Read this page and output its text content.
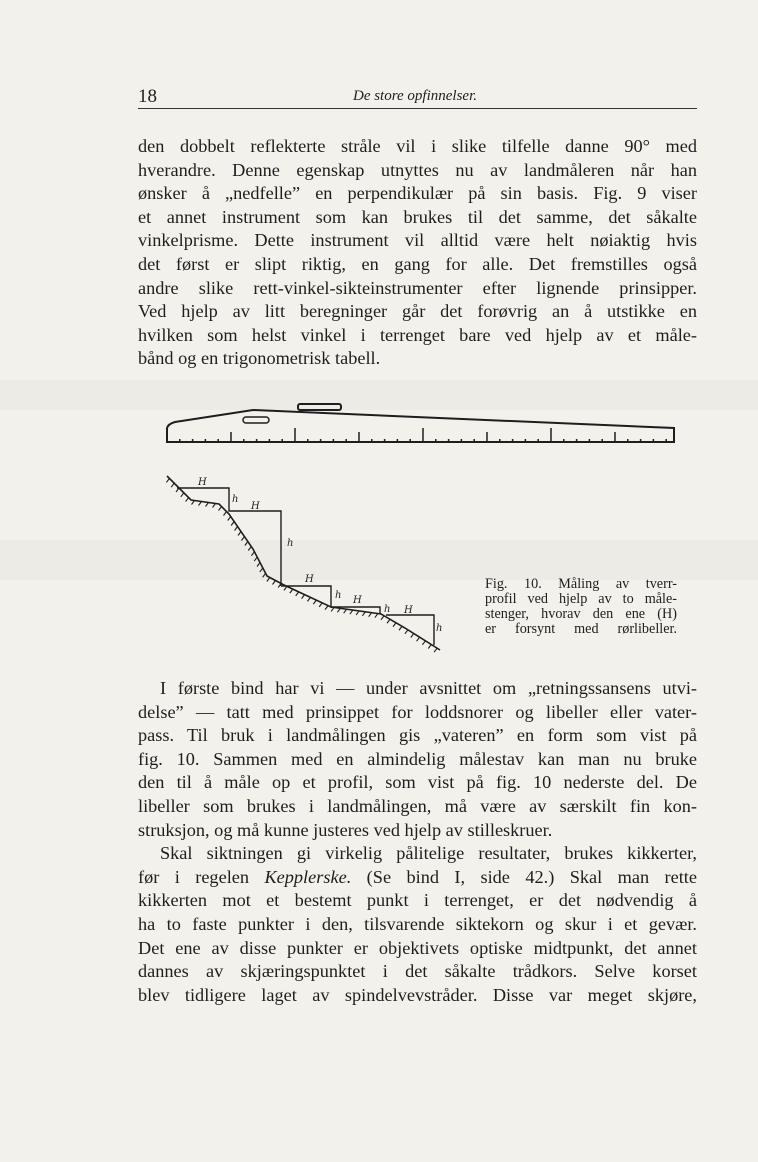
18	De store opfinnelser.
den dobbelt reflekterte stråle vil i slike tilfelle danne 90° med
hverandre. Denne egenskap utnyttes nu av landmåleren når han
ønsker å „nedfelle” en perpendikulær på sin basis. Fig. 9 viser
et annet instrument som kan brukes til det samme, det såkalte
vinkelprisme. Dette instrument vil alltid være helt nøiaktig hvis
det først er slipt riktig, en gang for alle. Det fremstilles også
andre slike rett-vinkel-sikteinstrumenter efter lignende prinsipper.
Ved hjelp av litt beregninger går det forøvrig an å utstikke en
hvilken som helst vinkel i terrenget bare ved hjelp av et måle-
bånd og en trigonometrisk tabell.
H
h
H
h
H
h H
h H
h
Fig. 10. Måling av tverr-
profil ved hjelp av to måle-
stenger, hvorav den ene (H)
er forsynt med rørlibeller.
I første bind har vi — under avsnittet om „retningssansens utvi-
delse” — tatt med prinsippet for loddsnorer og libeller eller vater-
pass. Til bruk i landmålingen gis „vateren” en form som vist på
fig. 10. Sammen med en almindelig målestav kan man nu bruke
den til å måle op et profil, som vist på fig. 10 nederste del. De
libeller som brukes i landmålingen, må være av særskilt fin kon-
struksjon, og må kunne justeres ved hjelp av stilleskruer.
Skal siktningen gi virkelig pålitelige resultater, brukes kikkerter,
før i regelen Kepplerske. (Se bind I, side 42.) Skal man rette
kikkerten mot et bestemt punkt i terrenget, er det nødvendig å
ha to faste punkter i den, tilsvarende siktekorn og skur i et gevær.
Det ene av disse punkter er objektivets optiske midtpunkt, det annet
dannes av skjæringspunktet i det såkalte trådkors. Selve korset
blev tidligere laget av spindelvevstråder. Disse var meget skjøre,
